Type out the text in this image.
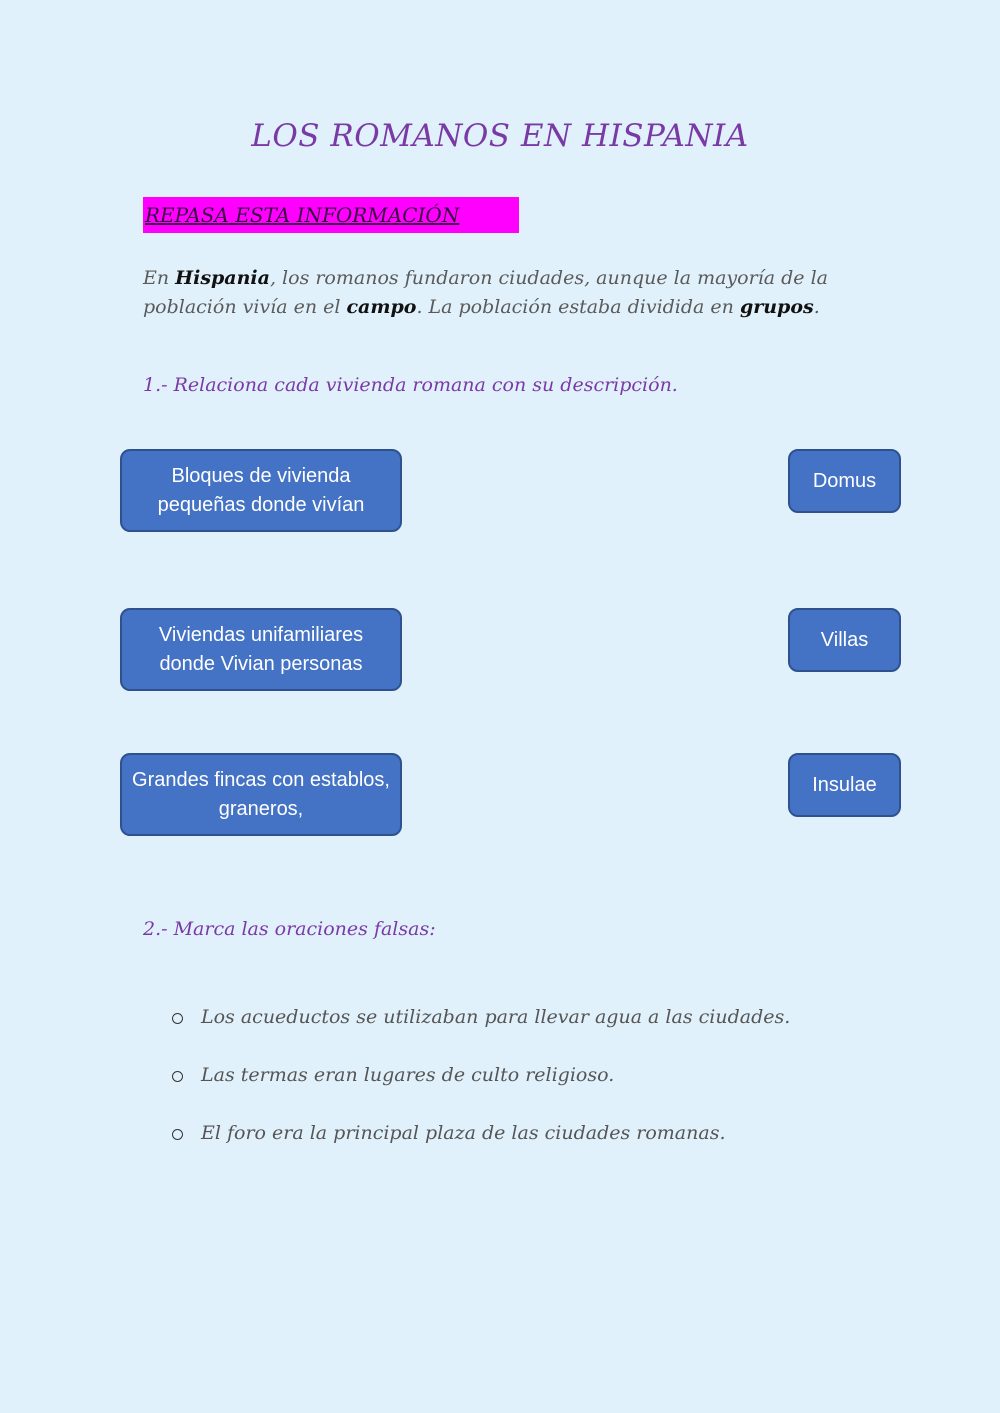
LOS ROMANOS EN HISPANIA
REPASA ESTA INFORMACIÓN

En Hispania, los romanos fundaron ciudades, aunque la mayoría de la población vivía en el campo. La población estaba dividida en grupos.

1.- Relaciona cada vivienda romana con su descripción.
Bloques de vivienda pequeñas donde vivían
Viviendas unifamiliares donde Vivian personas
Grandes fincas con establos, graneros,
Domus
Villas
Insulae
2.- Marca las oraciones falsas:
Los acueductos se utilizaban para llevar agua a las ciudades.
Las termas eran lugares de culto religioso.
El foro era la principal plaza de las ciudades romanas.
